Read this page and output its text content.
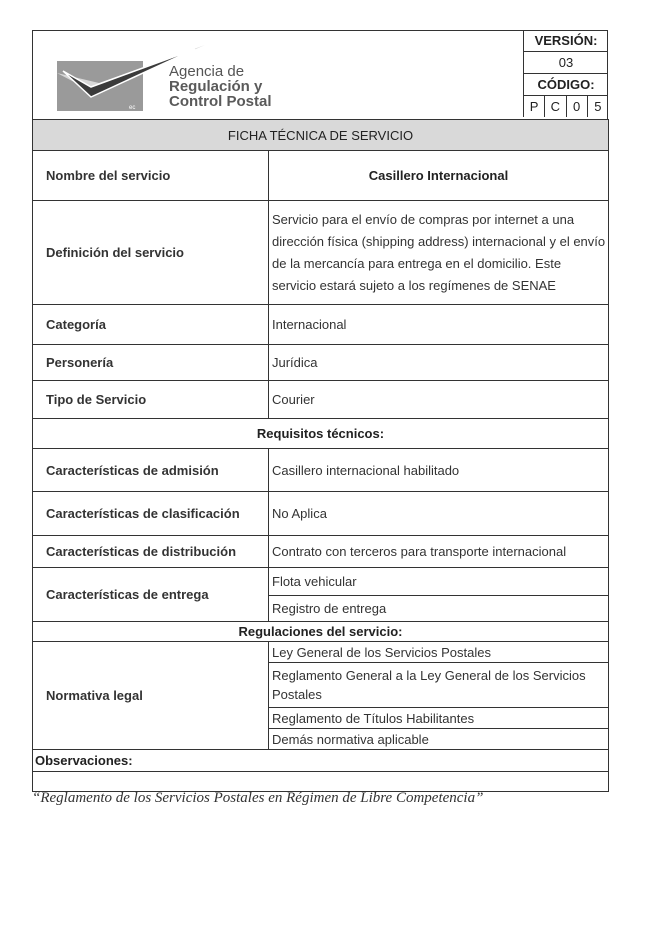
ec
Agencia de
Regulación y
Control Postal
VERSIÓN:
03
CÓDIGO:
P C 0	5
FICHA TÉCNICA DE SERVICIO	
Nombre del servicio	Casillero Internacional
Definición del servicio	Servicio para el envío de compras por internet a una dirección física (shipping address) internacional y el envío de la mercancía para entrega en el domicilio. Este servicio estará sujeto a los regímenes de SENAE
Categoría	Internacional
Personería	Jurídica
Tipo de Servicio	Courier
Requisitos técnicos:	
Características de admisión	Casillero internacional habilitado
Características de clasificación	No Aplica
Características de distribución	Contrato con terceros para transporte internacional
Características de entrega	Flota vehicular
	Registro de entrega
Regulaciones del servicio:	
Normativa legal	Ley General de los Servicios Postales
	Reglamento General a la Ley General de los Servicios Postales
	Reglamento de Títulos Habilitantes
	Demás normativa aplicable
Observaciones:	

“Reglamento de los Servicios Postales en Régimen de Libre Competencia”
